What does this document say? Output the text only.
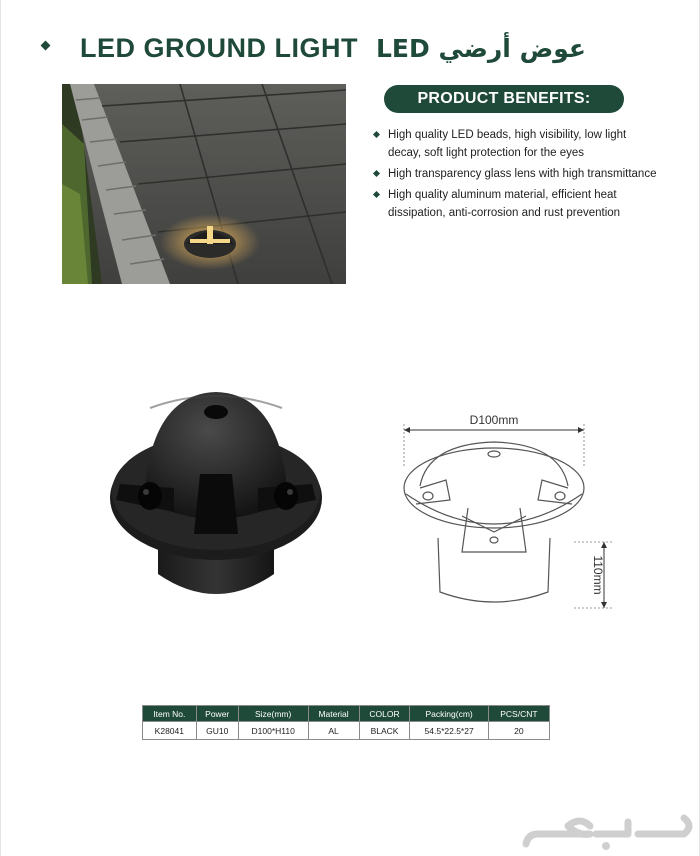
LED GROUND LIGHT عوض أرضي LED
PRODUCT BENEFITS:
High quality LED beads, high visibility, low light decay, soft light protection for the eyes
High transparency glass lens with high transmittance
High quality aluminum material, efficient heat dissipation, anti-corrosion and rust prevention
D100mm
110mm
Item No.	Power	Size(mm)	Material	COLOR	Packing(cm)	PCS/CNT
K28041	GU10	D100*H110	AL	BLACK	54.5*22.5*27	20
